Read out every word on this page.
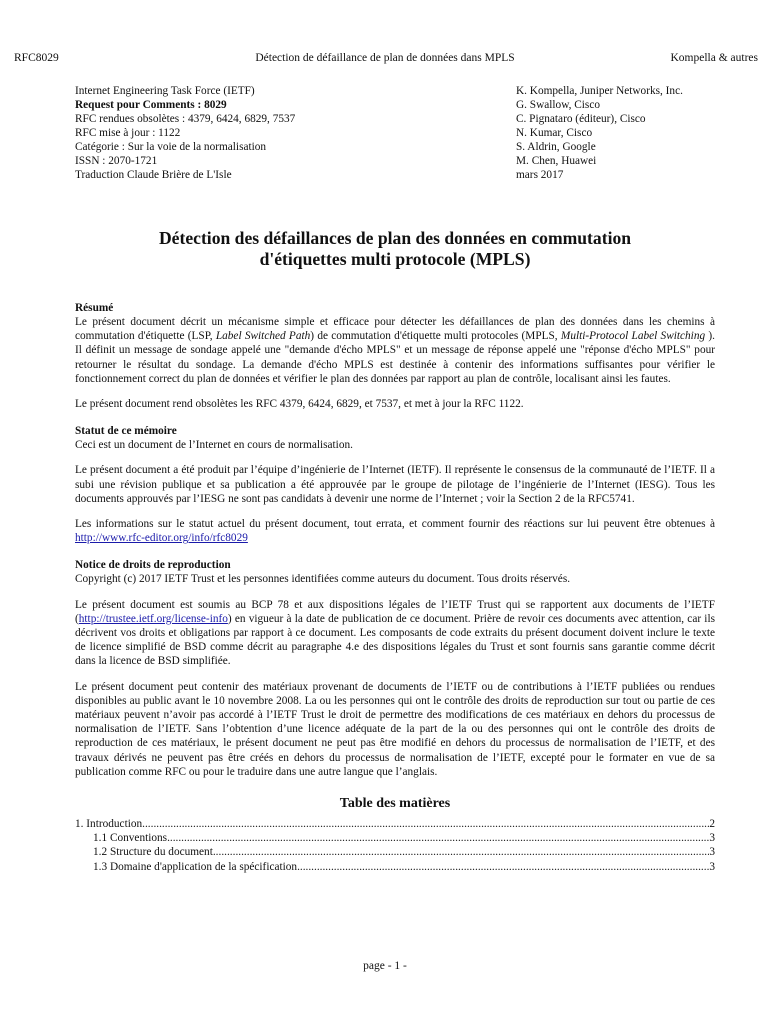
RFC8029	Détection de défaillance de plan de données dans MPLS	Kompella & autres
Internet Engineering Task Force (IETF)
Request pour Comments : 8029
RFC rendues obsolètes : 4379, 6424, 6829, 7537
RFC mise à jour : 1122
Catégorie : Sur la voie de la normalisation
ISSN : 2070-1721
Traduction Claude Brière de L'Isle
K. Kompella, Juniper Networks, Inc.
G. Swallow, Cisco
C. Pignataro (éditeur), Cisco
N. Kumar, Cisco
S. Aldrin, Google
M. Chen, Huawei
mars 2017
Détection des défaillances de plan des données en commutation
d'étiquettes multi protocole (MPLS)
Résumé

Le présent document décrit un mécanisme simple et efficace pour détecter les défaillances de plan des données dans les chemins à commutation d'étiquette (LSP, Label Switched Path) de commutation d'étiquette multi protocoles (MPLS, Multi-Protocol Label Switching ). Il définit un message de sondage appelé une "demande d'écho MPLS" et un message de réponse appelé une "réponse d'écho MPLS" pour retourner le résultat du sondage. La demande d'écho MPLS est destinée à contenir des informations suffisantes pour vérifier le fonctionnement correct du plan de données et vérifier le plan des données par rapport au plan de contrôle, localisant ainsi les fautes.

Le présent document rend obsolètes les RFC 4379, 6424, 6829, et 7537, et met à jour la RFC 1122.

Statut de ce mémoire

Ceci est un document de l’Internet en cours de normalisation.

Le présent document a été produit par l’équipe d’ingénierie de l’Internet (IETF). Il représente le consensus de la communauté de l’IETF. Il a subi une révision publique et sa publication a été approuvée par le groupe de pilotage de l’ingénierie de l’Internet (IESG). Tous les documents approuvés par l’IESG ne sont pas candidats à devenir une norme de l’Internet ; voir la Section 2 de la RFC5741.

Les informations sur le statut actuel du présent document, tout errata, et comment fournir des réactions sur lui peuvent être obtenues à http://www.rfc-editor.org/info/rfc8029

Notice de droits de reproduction

Copyright (c) 2017 IETF Trust et les personnes identifiées comme auteurs du document. Tous droits réservés.

Le présent document est soumis au BCP 78 et aux dispositions légales de l’IETF Trust qui se rapportent aux documents de l’IETF (http://trustee.ietf.org/license-info) en vigueur à la date de publication de ce document. Prière de revoir ces documents avec attention, car ils décrivent vos droits et obligations par rapport à ce document. Les composants de code extraits du présent document doivent inclure le texte de licence simplifié de BSD comme décrit au paragraphe 4.e des dispositions légales du Trust et sont fournis sans garantie comme décrit dans la licence de BSD simplifiée.

Le présent document peut contenir des matériaux provenant de documents de l’IETF ou de contributions à l’IETF publiées ou rendues disponibles au public avant le 10 novembre 2008. La ou les personnes qui ont le contrôle des droits de reproduction sur tout ou partie de ces matériaux peuvent n’avoir pas accordé à l’IETF Trust le droit de permettre des modifications de ces matériaux en dehors du processus de normalisation de l’IETF. Sans l’obtention d’une licence adéquate de la part de la ou des personnes qui ont le contrôle des droits de reproduction de ces matériaux, le présent document ne peut pas être modifié en dehors du processus de normalisation de l’IETF, et des travaux dérivés ne peuvent pas être créés en dehors du processus de normalisation de l’IETF, excepté pour le formater en vue de sa publication comme RFC ou pour le traduire dans une autre langue que l’anglais.

Table des matières
1. Introduction .....	2
1.1 Conventions .....	3
1.2 Structure du document .....	3
1.3 Domaine d'application de la spécification .....	3
page - 1 -
